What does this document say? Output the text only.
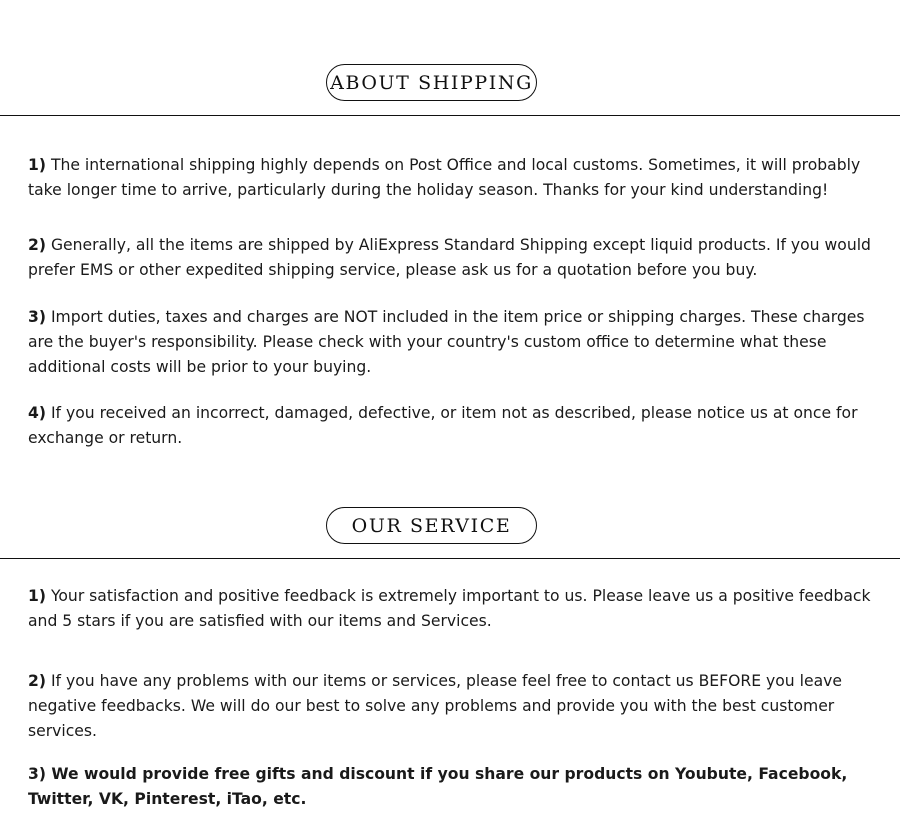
ABOUT SHIPPING

1) The international shipping highly depends on Post Office and local customs. Sometimes, it will probably take longer time to arrive, particularly during the holiday season. Thanks for your kind understanding!

2) Generally, all the items are shipped by AliExpress Standard Shipping except liquid products. If you would prefer EMS or other expedited shipping service, please ask us for a quotation before you buy.

3) Import duties, taxes and charges are NOT included in the item price or shipping charges. These charges are the buyer's responsibility. Please check with your country's custom office to determine what these additional costs will be prior to your buying.

4) If you received an incorrect, damaged, defective, or item not as described, please notice us at once for exchange or return.

OUR SERVICE

1) Your satisfaction and positive feedback is extremely important to us. Please leave us a positive feedback and 5 stars if you are satisfied with our items and Services.

2) If you have any problems with our items or services, please feel free to contact us BEFORE you leave negative feedbacks. We will do our best to solve any problems and provide you with the best customer services.

3) We would provide free gifts and discount if you share our products on Youbute, Facebook, Twitter, VK, Pinterest, iTao, etc.
